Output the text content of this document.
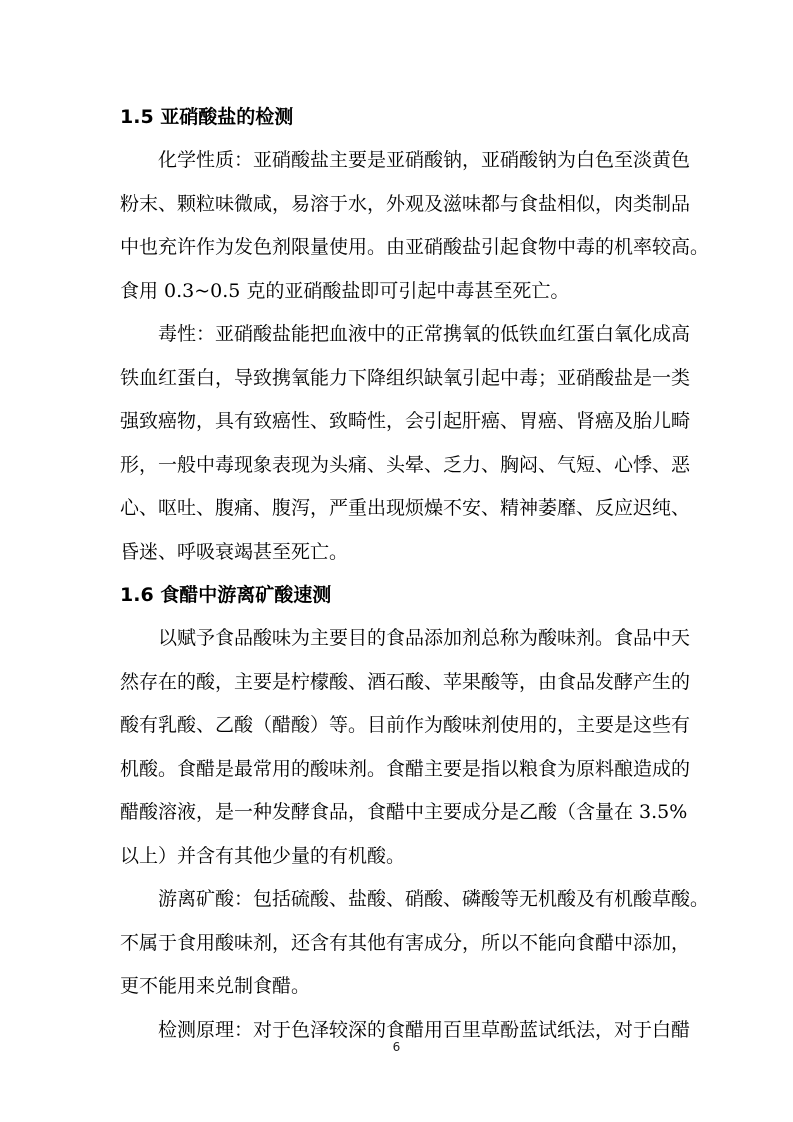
1.5 亚硝酸盐的检测
化学性质：亚硝酸盐主要是亚硝酸钠，亚硝酸钠为白色至淡黄色
粉末、颗粒味微咸，易溶于水，外观及滋味都与食盐相似，肉类制品
中也充许作为发色剂限量使用。由亚硝酸盐引起食物中毒的机率较高。
食用 0.3~0.5 克的亚硝酸盐即可引起中毒甚至死亡。
毒性：亚硝酸盐能把血液中的正常携氧的低铁血红蛋白氧化成高
铁血红蛋白，导致携氧能力下降组织缺氧引起中毒；亚硝酸盐是一类
强致癌物，具有致癌性、致畸性，会引起肝癌、胃癌、肾癌及胎儿畸
形，一般中毒现象表现为头痛、头晕、乏力、胸闷、气短、心悸、恶
心、呕吐、腹痛、腹泻，严重出现烦燥不安、精神萎靡、反应迟纯、
昏迷、呼吸衰竭甚至死亡。
1.6 食醋中游离矿酸速测
以赋予食品酸味为主要目的食品添加剂总称为酸味剂。食品中天
然存在的酸，主要是柠檬酸、酒石酸、苹果酸等，由食品发酵产生的
酸有乳酸、乙酸（醋酸）等。目前作为酸味剂使用的，主要是这些有
机酸。食醋是最常用的酸味剂。食醋主要是指以粮食为原料酿造成的
醋酸溶液，是一种发酵食品，食醋中主要成分是乙酸（含量在 3.5%
以上）并含有其他少量的有机酸。
游离矿酸：包括硫酸、盐酸、硝酸、磷酸等无机酸及有机酸草酸。
不属于食用酸味剂，还含有其他有害成分，所以不能向食醋中添加，
更不能用来兑制食醋。
检测原理：对于色泽较深的食醋用百里草酚蓝试纸法，对于白醋
6
